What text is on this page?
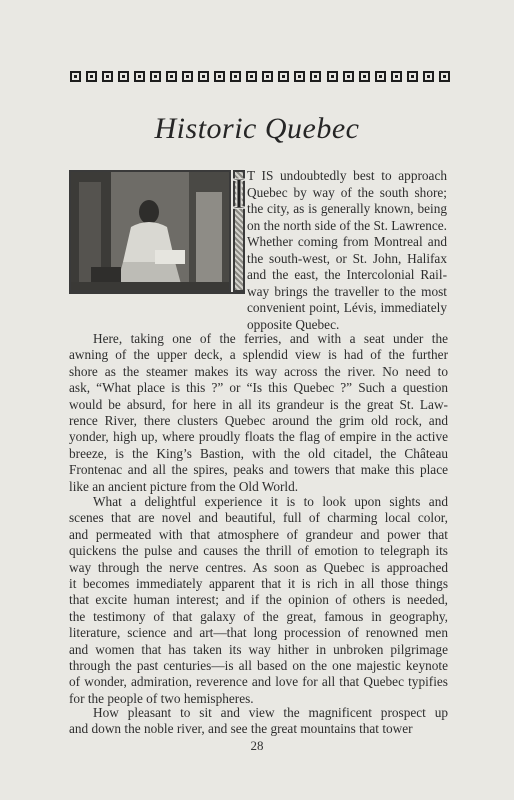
Historic Quebec
I T IS undoubtedly best to approach
Quebec by way of the south shore;
the city, as is generally known, being
on the north side of the St. Lawrence.
Whether coming from Montreal and
the south-west, or St. John, Halifax
and the east, the Intercolonial Rail-
way brings the traveller to the most
convenient point, Lévis, immediately
opposite Quebec.
Here, taking one of the ferries, and with a seat under the
awning of the upper deck, a splendid view is had of the further
shore as the steamer makes its way across the river. No need to
ask, “What place is this ?” or “Is this Quebec ?” Such a question
would be absurd, for here in all its grandeur is the great St. Law-
rence River, there clusters Quebec around the grim old rock, and
yonder, high up, where proudly floats the flag of empire in the active
breeze, is the King’s Bastion, with the old citadel, the Château
Frontenac and all the spires, peaks and towers that make this place
like an ancient picture from the Old World.
What a delightful experience it is to look upon sights and
scenes that are novel and beautiful, full of charming local color,
and permeated with that atmosphere of grandeur and power that
quickens the pulse and causes the thrill of emotion to telegraph its
way through the nerve centres. As soon as Quebec is approached
it becomes immediately apparent that it is rich in all those things
that excite human interest; and if the opinion of others is needed,
the testimony of that galaxy of the great, famous in geography,
literature, science and art—that long procession of renowned men
and women that has taken its way hither in unbroken pilgrimage
through the past centuries—is all based on the one majestic keynote
of wonder, admiration, reverence and love for all that Quebec typifies
for the people of two hemispheres.
How pleasant to sit and view the magnificent prospect up
and down the noble river, and see the great mountains that tower
28
